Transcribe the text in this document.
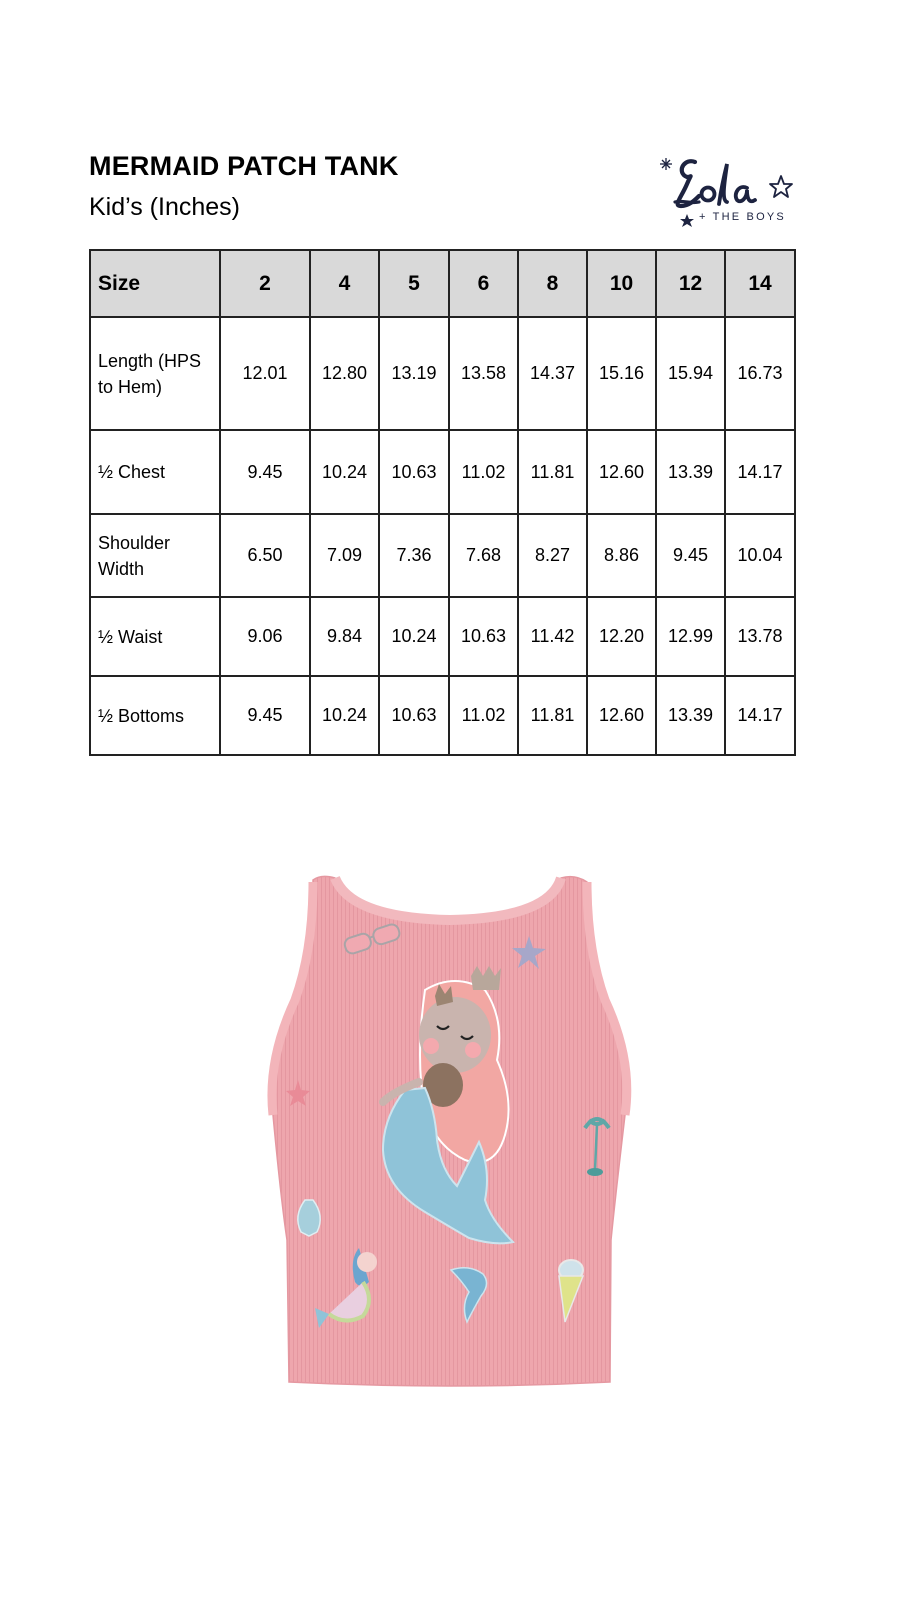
MERMAID PATCH TANK
Kid’s (Inches)	+ THE BOYS
Size	2	4	5	6	8	10	12	14
Length (HPS
to Hem)	12.01	12.80	13.19	13.58	14.37	15.16	15.94	16.73
½ Chest	9.45	10.24	10.63	11.02	11.81	12.60	13.39	14.17
Shoulder
Width	6.50	7.09	7.36	7.68	8.27	8.86	9.45	10.04
½ Waist	9.06	9.84	10.24	10.63	11.42	12.20	12.99	13.78
½ Bottoms	9.45	10.24	10.63	11.02	11.81	12.60	13.39	14.17
